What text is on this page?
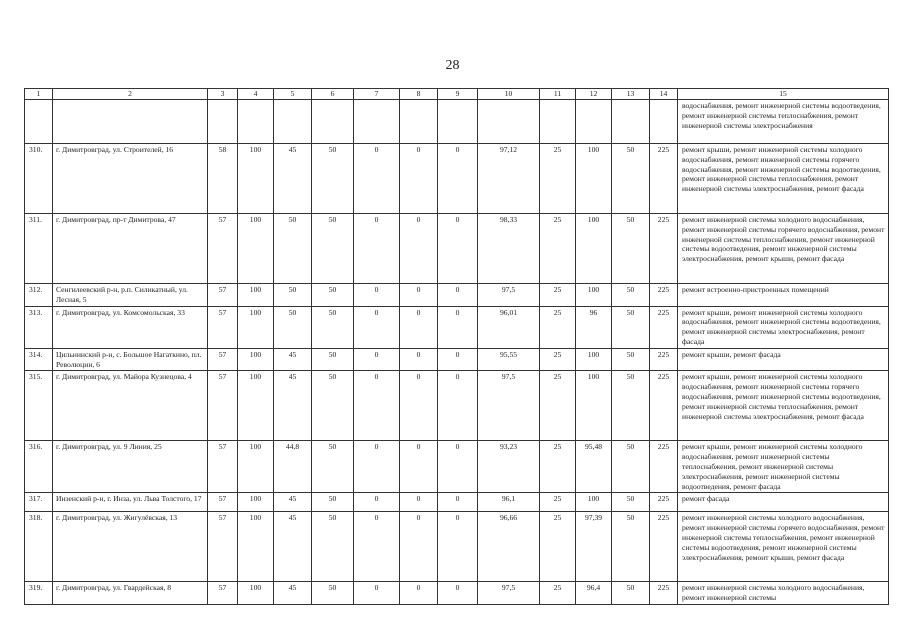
28
1	2	3	4	5	6	7	8	9	10	11	12	13	14	15
														водоснабжения, ремонт инженерной системы водоотведения, ремонт инженерной системы теплоснабжения, ремонт инженерной системы электроснабжения
310.	г. Димитровград, ул. Строителей, 16	58	100	45	50	0	0	0	97,12	25	100	50	225	ремонт крыши, ремонт инженерной системы холодного водоснабжения, ремонт инженерной системы горячего водоснабжения, ремонт инженерной системы водоотведения, ремонт инженерной системы теплоснабжения, ремонт инженерной системы электроснабжения, ремонт фасада
311.	г. Димитровград, пр-т Димитрова, 47	57	100	50	50	0	0	0	98,33	25	100	50	225	ремонт инженерной системы холодного водоснабжения, ремонт инженерной системы горячего водоснабжения, ремонт инженерной системы теплоснабжения, ремонт инженерной системы водоотведения, ремонт инженерной системы электроснабжения, ремонт крыши, ремонт фасада
312.	Сенгилеевский р-н, р.п. Силикатный, ул. Лесная, 5	57	100	50	50	0	0	0	97,5	25	100	50	225	ремонт встроенно-пристроенных помещений
313.	г. Димитровград, ул. Комсомольская, 33	57	100	50	50	0	0	0	96,01	25	96	50	225	ремонт крыши, ремонт инженерной системы холодного водоснабжения, ремонт инженерной системы водоотведения, ремонт инженерной системы электроснабжения, ремонт фасада
314.	Цильнинский р-н, с. Большое Нагаткино, пл. Революции, 6	57	100	45	50	0	0	0	95,55	25	100	50	225	ремонт крыши, ремонт фасада
315.	г. Димитровград, ул. Майора Кузнецова, 4	57	100	45	50	0	0	0	97,5	25	100	50	225	ремонт крыши, ремонт инженерной системы холодного водоснабжения, ремонт инженерной системы горячего водоснабжения, ремонт инженерной системы водоотведения, ремонт инженерной системы теплоснабжения, ремонт инженерной системы электроснабжения, ремонт фасада
316.	г. Димитровград, ул. 9 Линия, 25	57	100	44,8	50	0	0	0	93,23	25	95,48	50	225	ремонт крыши, ремонт инженерной системы холодного водоснабжения, ремонт инженерной системы теплоснабжения, ремонт инженерной системы электроснабжения, ремонт инженерной системы водоотведения, ремонт фасада
317.	Инзенский р-н, г. Инза, ул. Льва Толстого, 17	57	100	45	50	0	0	0	96,1	25	100	50	225	ремонт фасада
318.	г. Димитровград, ул. Жигулёвская, 13	57	100	45	50	0	0	0	96,66	25	97,39	50	225	ремонт инженерной системы холодного водоснабжения, ремонт инженерной системы горячего водоснабжения, ремонт инженерной системы теплоснабжения, ремонт инженерной системы водоотведения, ремонт инженерной системы электроснабжения, ремонт крыши, ремонт фасада
319.	г. Димитровград, ул. Гвардейская, 8	57	100	45	50	0	0	0	97,5	25	96,4	50	225	ремонт инженерной системы холодного водоснабжения, ремонт инженерной системы
